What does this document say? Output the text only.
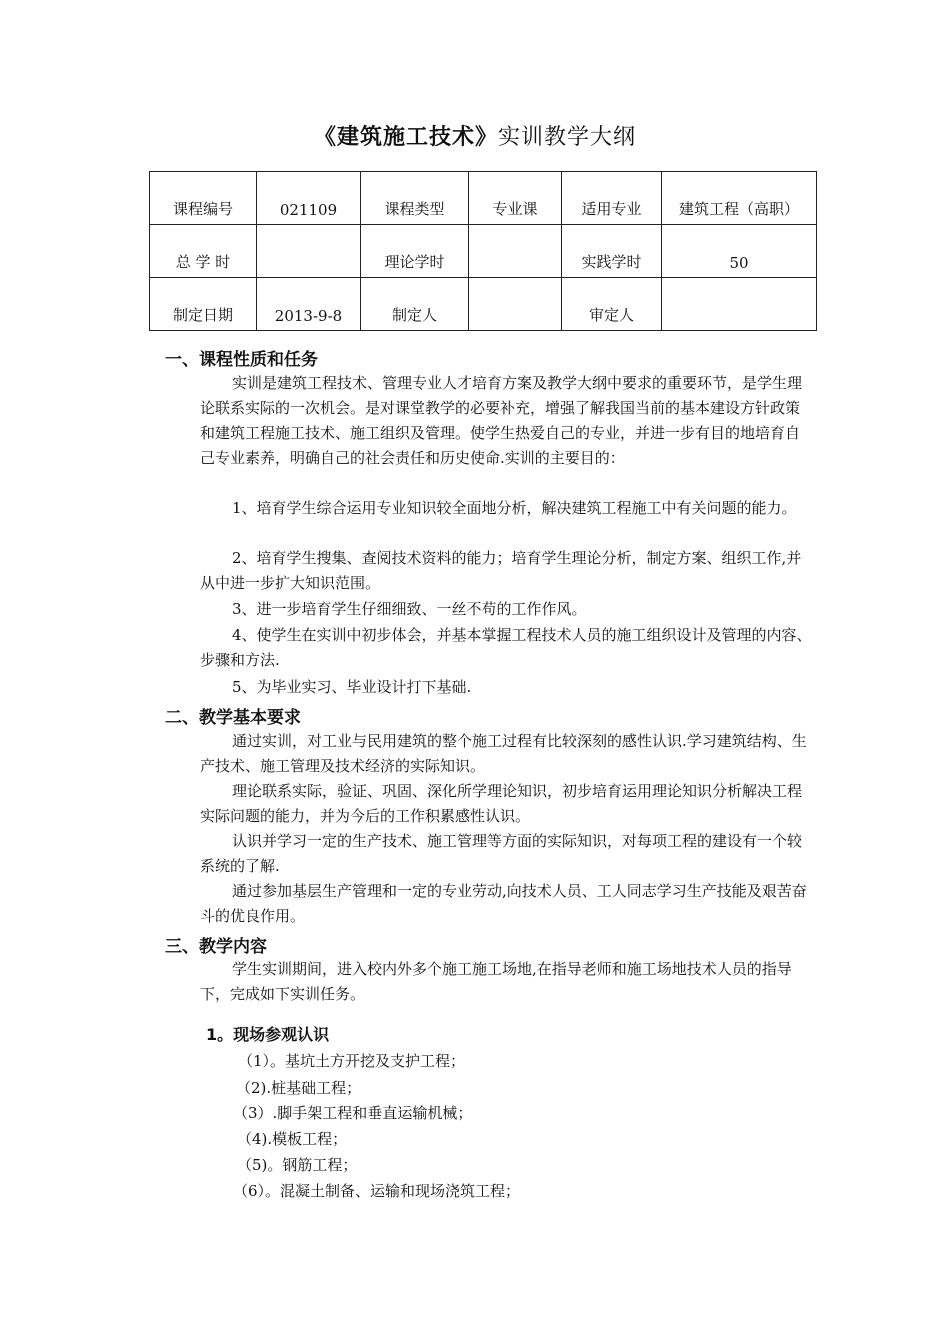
《建筑施工技术》实训教学大纲
课程编号	021109	课程类型	专业课	适用专业	建筑工程（高职）
总 学 时		理论学时		实践学时	50
制定日期	2013-9-8	制定人		审定人	
一、课程性质和任务
实训是建筑工程技术、管理专业人才培育方案及教学大纲中要求的重要环节，是学生理论联系实际的一次机会。是对课堂教学的必要补充，增强了解我国当前的基本建设方针政策和建筑工程施工技术、施工组织及管理。使学生热爱自己的专业，并进一步有目的地培育自己专业素养，明确自己的社会责任和历史使命.实训的主要目的：
1、培育学生综合运用专业知识较全面地分析，解决建筑工程施工中有关问题的能力。
2、培育学生搜集、查阅技术资料的能力；培育学生理论分析，制定方案、组织工作,并从中进一步扩大知识范围。
3、进一步培育学生仔细细致、一丝不苟的工作作风。
4、使学生在实训中初步体会，并基本掌握工程技术人员的施工组织设计及管理的内容、步骤和方法.
5、为毕业实习、毕业设计打下基础.
二、教学基本要求
通过实训，对工业与民用建筑的整个施工过程有比较深刻的感性认识.学习建筑结构、生产技术、施工管理及技术经济的实际知识。
理论联系实际，验证、巩固、深化所学理论知识，初步培育运用理论知识分析解决工程实际问题的能力，并为今后的工作积累感性认识。
认识并学习一定的生产技术、施工管理等方面的实际知识，对每项工程的建设有一个较系统的了解.
通过参加基层生产管理和一定的专业劳动,向技术人员、工人同志学习生产技能及艰苦奋斗的优良作用。
三、教学内容
学生实训期间，进入校内外多个施工施工场地,在指导老师和施工场地技术人员的指导下，完成如下实训任务。
1。现场参观认识
（1）。基坑土方开挖及支护工程；
（2).桩基础工程；
（3）.脚手架工程和垂直运输机械；
（4).模板工程；
（5)。钢筋工程；
（6）。混凝土制备、运输和现场浇筑工程；
